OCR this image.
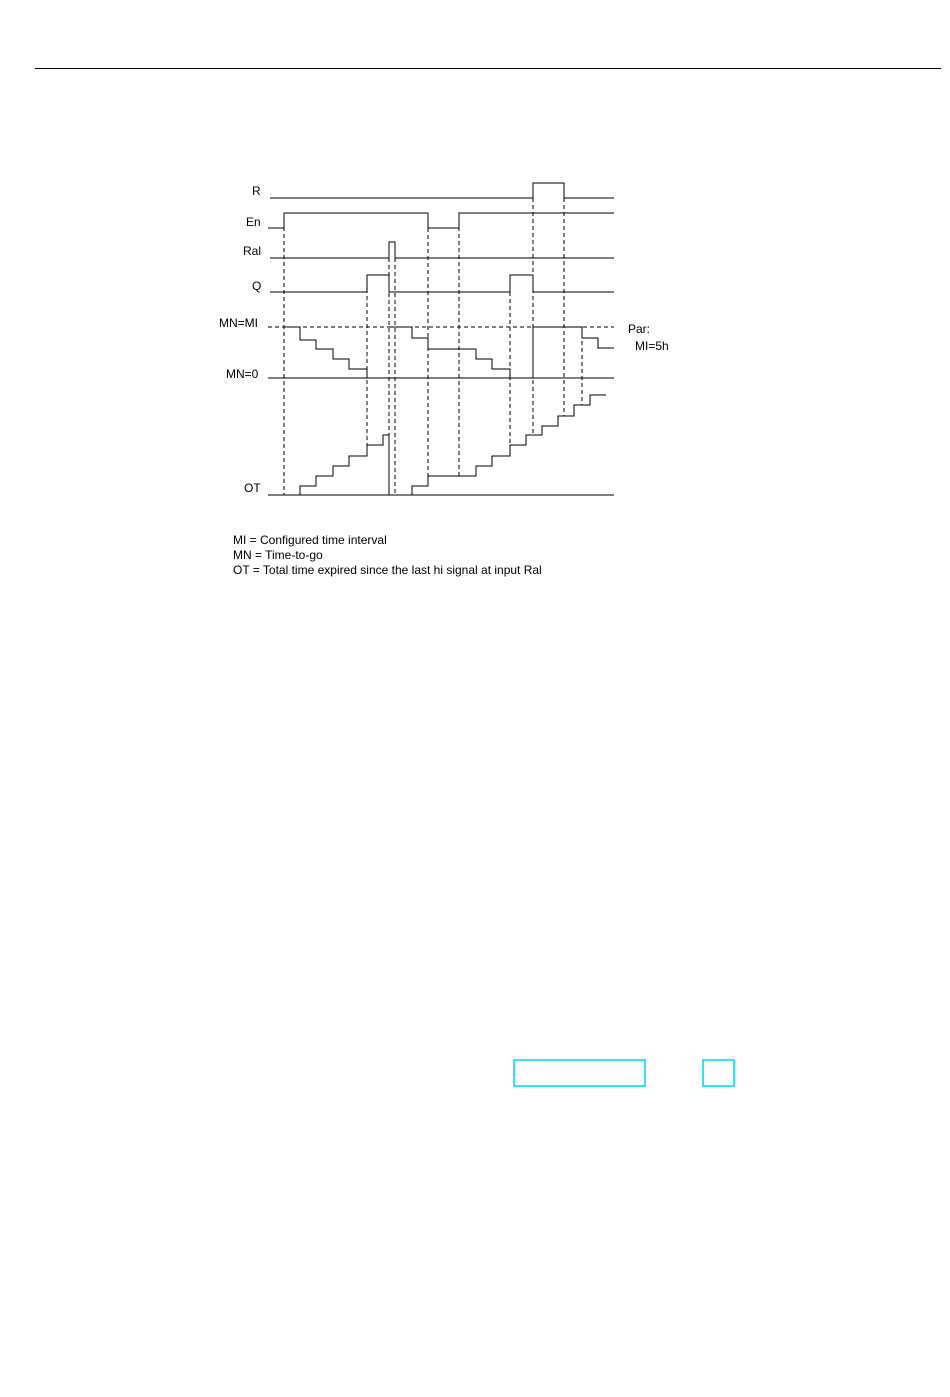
R
En
Ral
Q
MN=MI
MN=0
OT
Par:
MI=5h
MI = Configured time interval
MN = Time-to-go
OT = Total time expired since the last hi signal at input Ral
